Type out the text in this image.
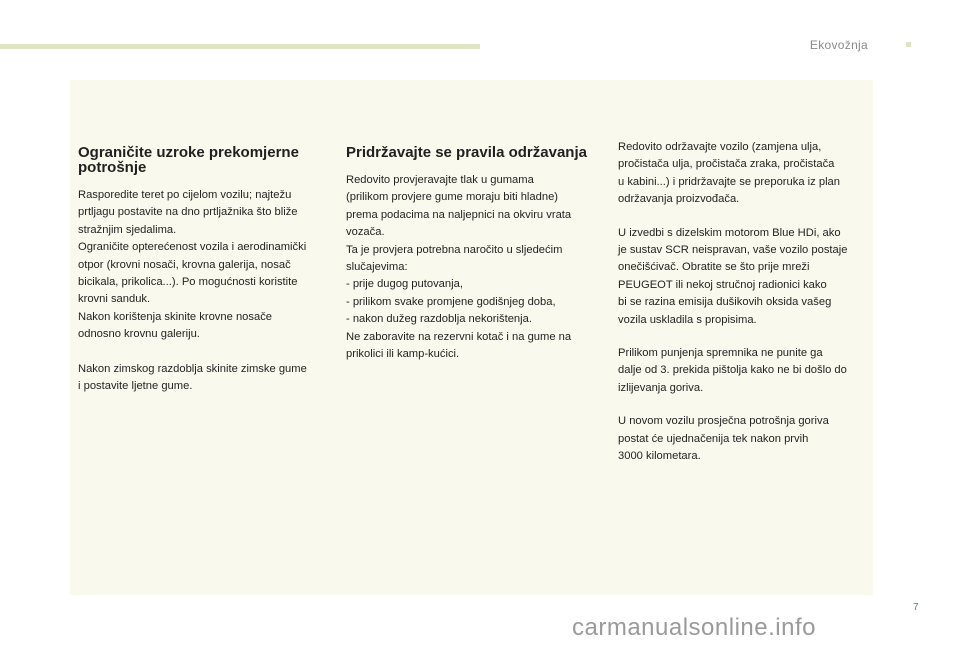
Ekovožnja
Ograničite uzroke prekomjerne potrošnje

Rasporedite teret po cijelom vozilu; najtežu
prtljagu postavite na dno prtljažnika što bliže
stražnjim sjedalima.
Ograničite opterećenost vozila i aerodinamički
otpor (krovni nosači, krovna galerija, nosač
bicikala, prikolica...). Po mogućnosti koristite
krovni sanduk.
Nakon korištenja skinite krovne nosače
odnosno krovnu galeriju.

Nakon zimskog razdoblja skinite zimske gume
i postavite ljetne gume.

Pridržavajte se pravila održavanja

Redovito provjeravajte tlak u gumama
(prilikom provjere gume moraju biti hladne)
prema podacima na naljepnici na okviru vrata
vozača.
Ta je provjera potrebna naročito u sljedećim
slučajevima:
- prije dugog putovanja,
- prilikom svake promjene godišnjeg doba,
- nakon dužeg razdoblja nekorištenja.
Ne zaboravite na rezervni kotač i na gume na
prikolici ili kamp-kućici.

Redovito održavajte vozilo (zamjena ulja,
pročistača ulja, pročistača zraka, pročistača
u kabini...) i pridržavajte se preporuka iz plan
održavanja proizvođača.

U izvedbi s dizelskim motorom Blue HDi, ako
je sustav SCR neispravan, vaše vozilo postaje
onečišćivač. Obratite se što prije mreži
PEUGEOT ili nekoj stručnoj radionici kako
bi se razina emisija dušikovih oksida vašeg
vozila uskladila s propisima.

Prilikom punjenja spremnika ne punite ga
dalje od 3. prekida pištolja kako ne bi došlo do
izlijevanja goriva.

U novom vozilu prosječna potrošnja goriva
postat će ujednačenija tek nakon prvih
3000 kilometara.

7
carmanualsonline.info
